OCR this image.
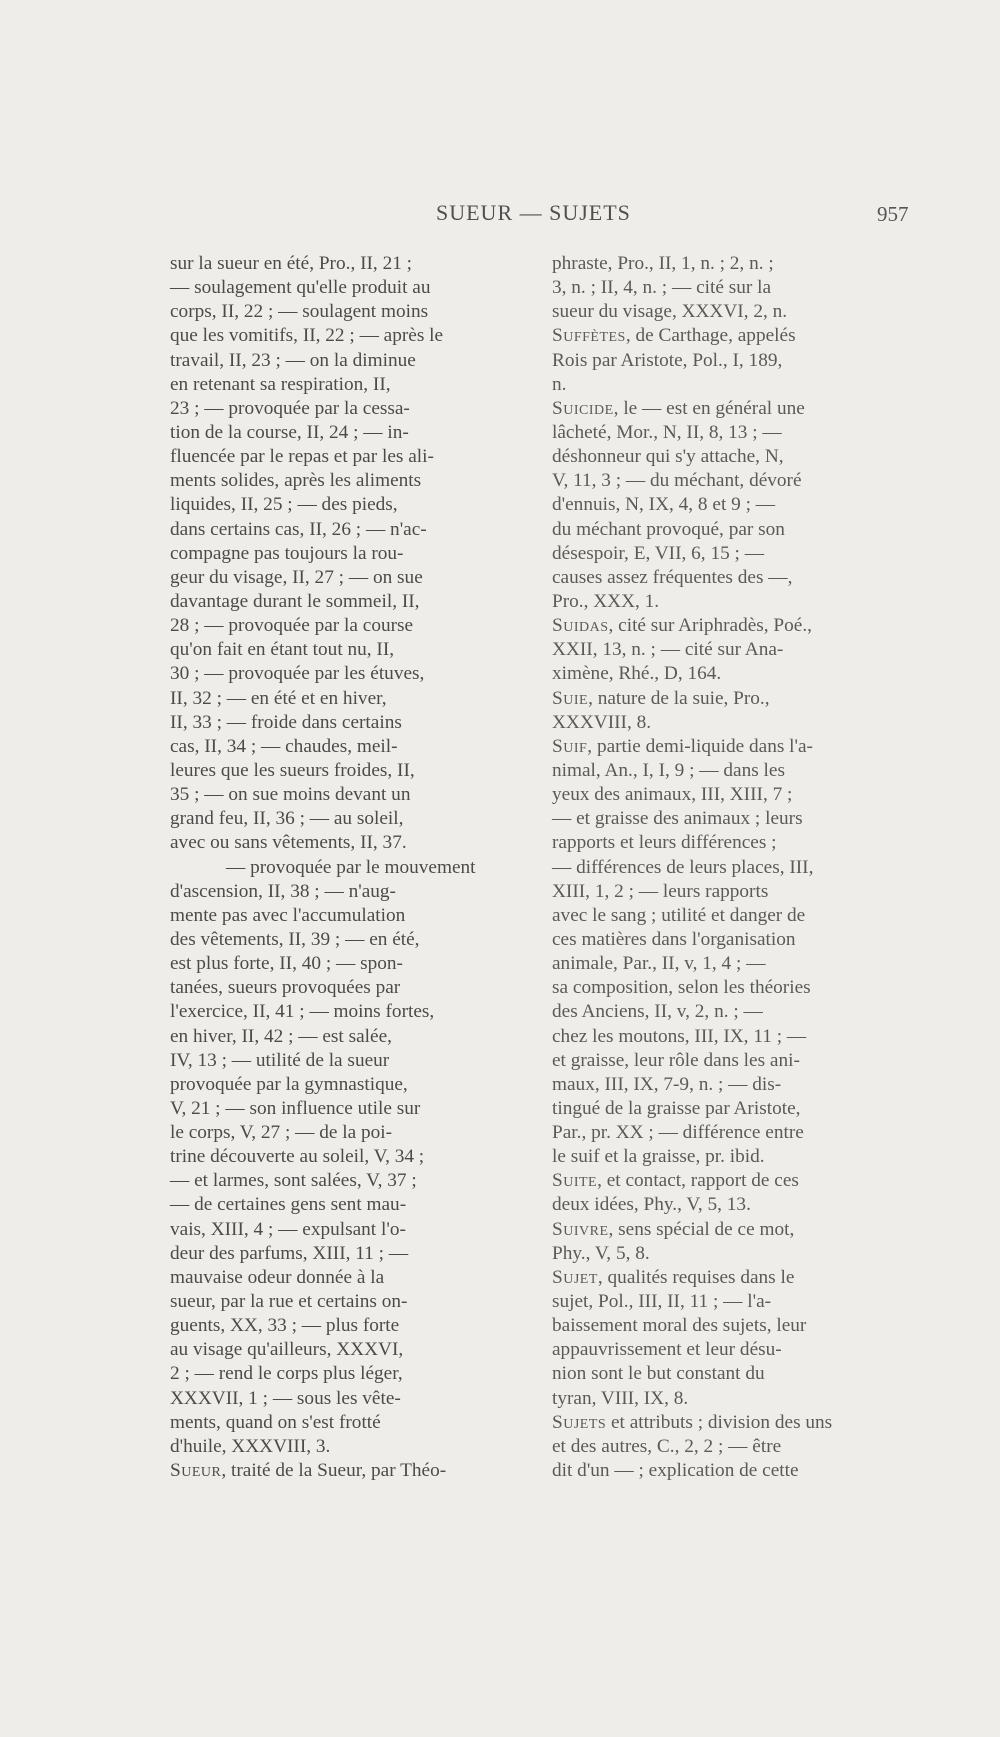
SUEUR — SUJETS	957
sur la sueur en été, Pro., II, 21 ;
— soulagement qu'elle produit au
corps, II, 22 ; — soulagent moins
que les vomitifs, II, 22 ; — après le
travail, II, 23 ; — on la diminue
en retenant sa respiration, II,
23 ; — provoquée par la cessa-
tion de la course, II, 24 ; — in-
fluencée par le repas et par les ali-
ments solides, après les aliments
liquides, II, 25 ; — des pieds,
dans certains cas, II, 26 ; — n'ac-
compagne pas toujours la rou-
geur du visage, II, 27 ; — on sue
davantage durant le sommeil, II,
28 ; — provoquée par la course
qu'on fait en étant tout nu, II,
30 ; — provoquée par les étuves,
II, 32 ; — en été et en hiver,
II, 33 ; — froide dans certains
cas, II, 34 ; — chaudes, meil-
leures que les sueurs froides, II,
35 ; — on sue moins devant un
grand feu, II, 36 ; — au soleil,
avec ou sans vêtements, II, 37.
— provoquée par le mouvement
d'ascension, II, 38 ; — n'aug-
mente pas avec l'accumulation
des vêtements, II, 39 ; — en été,
est plus forte, II, 40 ; — spon-
tanées, sueurs provoquées par
l'exercice, II, 41 ; — moins fortes,
en hiver, II, 42 ; — est salée,
IV, 13 ; — utilité de la sueur
provoquée par la gymnastique,
V, 21 ; — son influence utile sur
le corps, V, 27 ; — de la poi-
trine découverte au soleil, V, 34 ;
— et larmes, sont salées, V, 37 ;
— de certaines gens sent mau-
vais, XIII, 4 ; — expulsant l'o-
deur des parfums, XIII, 11 ; —
mauvaise odeur donnée à la
sueur, par la rue et certains on-
guents, XX, 33 ; — plus forte
au visage qu'ailleurs, XXXVI,
2 ; — rend le corps plus léger,
XXXVII, 1 ; — sous les vête-
ments, quand on s'est frotté
d'huile, XXXVIII, 3.
Sueur, traité de la Sueur, par Théo-
phraste, Pro., II, 1, n. ; 2, n. ;
3, n. ; II, 4, n. ; — cité sur la
sueur du visage, XXXVI, 2, n.
Suffètes, de Carthage, appelés
Rois par Aristote, Pol., I, 189,
n.
Suicide, le — est en général une
lâcheté, Mor., N, II, 8, 13 ; —
déshonneur qui s'y attache, N,
V, 11, 3 ; — du méchant, dévoré
d'ennuis, N, IX, 4, 8 et 9 ; —
du méchant provoqué, par son
désespoir, E, VII, 6, 15 ; —
causes assez fréquentes des —,
Pro., XXX, 1.
Suidas, cité sur Ariphradès, Poé.,
XXII, 13, n. ; — cité sur Ana-
ximène, Rhé., D, 164.
Suie, nature de la suie, Pro.,
XXXVIII, 8.
Suif, partie demi-liquide dans l'a-
nimal, An., I, I, 9 ; — dans les
yeux des animaux, III, XIII, 7 ;
— et graisse des animaux ; leurs
rapports et leurs différences ;
— différences de leurs places, III,
XIII, 1, 2 ; — leurs rapports
avec le sang ; utilité et danger de
ces matières dans l'organisation
animale, Par., II, v, 1, 4 ; —
sa composition, selon les théories
des Anciens, II, v, 2, n. ; —
chez les moutons, III, IX, 11 ; —
et graisse, leur rôle dans les ani-
maux, III, IX, 7-9, n. ; — dis-
tingué de la graisse par Aristote,
Par., pr. XX ; — différence entre
le suif et la graisse, pr. ibid.
Suite, et contact, rapport de ces
deux idées, Phy., V, 5, 13.
Suivre, sens spécial de ce mot,
Phy., V, 5, 8.
Sujet, qualités requises dans le
sujet, Pol., III, II, 11 ; — l'a-
baissement moral des sujets, leur
appauvrissement et leur désu-
nion sont le but constant du
tyran, VIII, IX, 8.
Sujets et attributs ; division des uns
et des autres, C., 2, 2 ; — être
dit d'un — ; explication de cette
